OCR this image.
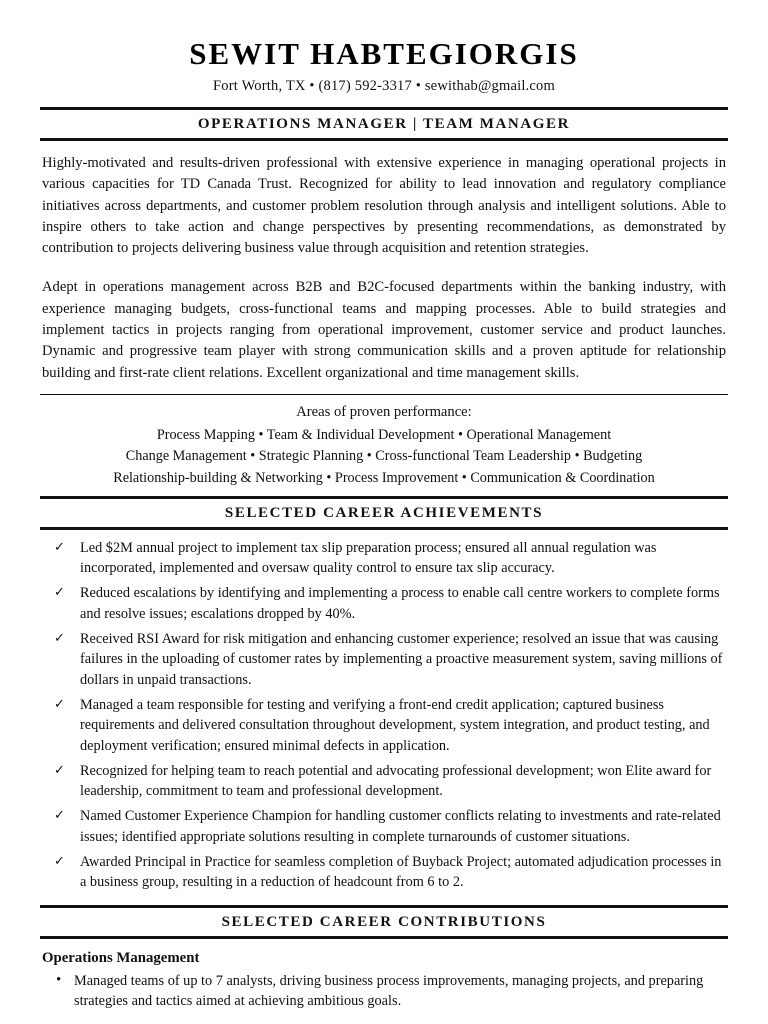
SEWIT HABTEGIORGIS
Fort Worth, TX • (817) 592-3317 • sewithab@gmail.com
OPERATIONS MANAGER | TEAM MANAGER

Highly-motivated and results-driven professional with extensive experience in managing operational projects in various capacities for TD Canada Trust. Recognized for ability to lead innovation and regulatory compliance initiatives across departments, and customer problem resolution through analysis and intelligent solutions. Able to inspire others to take action and change perspectives by presenting recommendations, as demonstrated by contribution to projects delivering business value through acquisition and retention strategies.

Adept in operations management across B2B and B2C-focused departments within the banking industry, with experience managing budgets, cross-functional teams and mapping processes. Able to build strategies and implement tactics in projects ranging from operational improvement, customer service and product launches. Dynamic and progressive team player with strong communication skills and a proven aptitude for relationship building and first-rate client relations. Excellent organizational and time management skills.

Areas of proven performance:
Process Mapping • Team & Individual Development • Operational Management
Change Management • Strategic Planning • Cross-functional Team Leadership • Budgeting
Relationship-building & Networking • Process Improvement • Communication & Coordination
SELECTED CAREER ACHIEVEMENTS
✓ Led $2M annual project to implement tax slip preparation process; ensured all annual regulation was incorporated, implemented and oversaw quality control to ensure tax slip accuracy.
✓ Reduced escalations by identifying and implementing a process to enable call centre workers to complete forms and resolve issues; escalations dropped by 40%.
✓ Received RSI Award for risk mitigation and enhancing customer experience; resolved an issue that was causing failures in the uploading of customer rates by implementing a proactive measurement system, saving millions of dollars in unpaid transactions.
✓ Managed a team responsible for testing and verifying a front-end credit application; captured business requirements and delivered consultation throughout development, system integration, and product testing, and deployment verification; ensured minimal defects in application.
✓ Recognized for helping team to reach potential and advocating professional development; won Elite award for leadership, commitment to team and professional development.
✓ Named Customer Experience Champion for handling customer conflicts relating to investments and rate-related issues; identified appropriate solutions resulting in complete turnarounds of customer situations.
✓ Awarded Principal in Practice for seamless completion of Buyback Project; automated adjudication processes in a business group, resulting in a reduction of headcount from 6 to 2.
SELECTED CAREER CONTRIBUTIONS
Operations Management
• Managed teams of up to 7 analysts, driving business process improvements, managing projects, and preparing strategies and tactics aimed at achieving ambitious goals.
